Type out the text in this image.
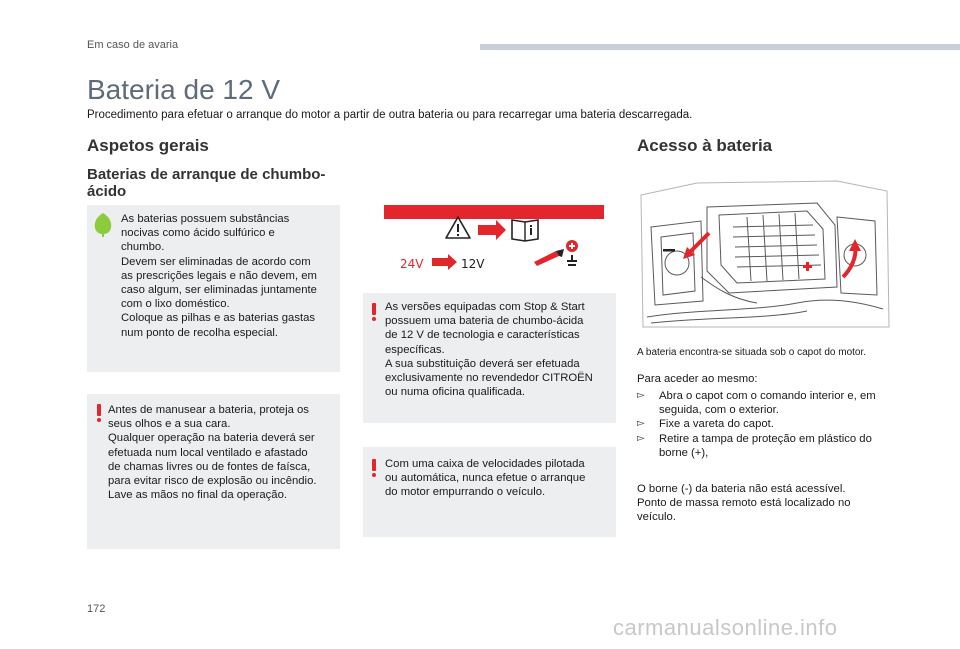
Em caso de avaria
Bateria de 12 V
Procedimento para efetuar o arranque do motor a partir de outra bateria ou para recarregar uma bateria descarregada.
Aspetos gerais
Baterias de arranque de chumbo-ácido
As baterias possuem substâncias
nocivas como ácido sulfúrico e
chumbo.
Devem ser eliminadas de acordo com
as prescrições legais e não devem, em
caso algum, ser eliminadas juntamente
com o lixo doméstico.
Coloque as pilhas e as baterias gastas
num ponto de recolha especial.
Antes de manusear a bateria, proteja os
seus olhos e a sua cara.
Qualquer operação na bateria deverá ser
efetuada num local ventilado e afastado
de chamas livres ou de fontes de faísca,
para evitar risco de explosão ou incêndio.
Lave as mãos no final da operação.
24V	12V
As versões equipadas com Stop & Start
possuem uma bateria de chumbo-ácida
de 12 V de tecnologia e características
específicas.
A sua substituição deverá ser efetuada
exclusivamente no revendedor CITROËN
ou numa oficina qualificada.
Com uma caixa de velocidades pilotada
ou automática, nunca efetue o arranque
do motor empurrando o veículo.
Acesso à bateria
A bateria encontra-se situada sob o capot do motor.
Para aceder ao mesmo:
▻ Abra o capot com o comando interior e, em
seguida, com o exterior.
▻ Fixe a vareta do capot.
▻ Retire a tampa de proteção em plástico do
borne (+),
O borne (-) da bateria não está acessível.
Ponto de massa remoto está localizado no
veículo.
172
carmanualsonline.info
